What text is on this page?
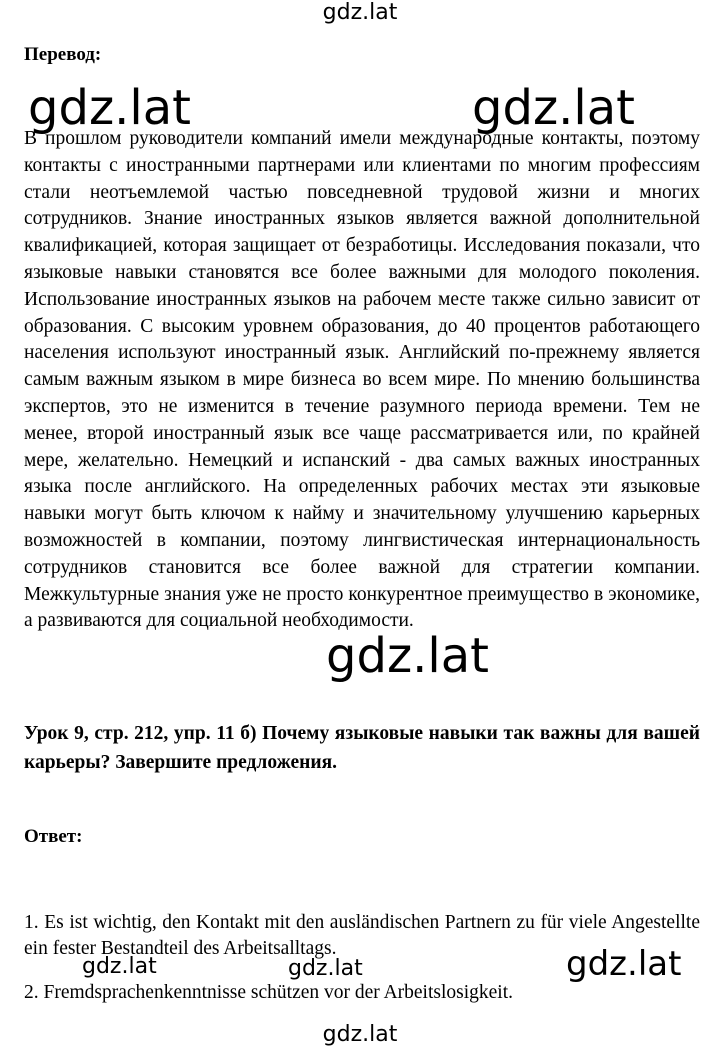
gdz.lat
Перевод:

В прошлом руководители компаний имели международные контакты, поэтому контакты с иностранными партнерами или клиентами по многим профессиям стали неотъемлемой частью повседневной трудовой жизни и многих сотрудников. Знание иностранных языков является важной дополнительной квалификацией, которая защищает от безработицы. Исследования показали, что языковые навыки становятся все более важными для молодого поколения. Использование иностранных языков на рабочем месте также сильно зависит от образования. С высоким уровнем образования, до 40 процентов работающего населения используют иностранный язык. Английский по-прежнему является самым важным языком в мире бизнеса во всем мире. По мнению большинства экспертов, это не изменится в течение разумного периода времени. Тем не менее, второй иностранный язык все чаще рассматривается или, по крайней мере, желательно. Немецкий и испанский - два самых важных иностранных языка после английского. На определенных рабочих местах эти языковые навыки могут быть ключом к найму и значительному улучшению карьерных возможностей в компании, поэтому лингвистическая интернациональность сотрудников становится все более важной для стратегии компании. Межкультурные знания уже не просто конкурентное преимущество в экономике, а развиваются для социальной необходимости.

Урок 9, стр. 212, упр. 11 б) Почему языковые навыки так важны для вашей карьеры? Завершите предложения.

Ответ:

1. Es ist wichtig, den Kontakt mit den ausländischen Partnern zu für viele Angestellte ein fester Bestandteil des Arbeitsalltags.

2. Fremdsprachenkenntnisse schützen vor der Arbeitslosigkeit.

gdz.lat	gdz.lat
gdz.lat
gdz.lat	gdz.lat	gdz.lat
gdz.lat
